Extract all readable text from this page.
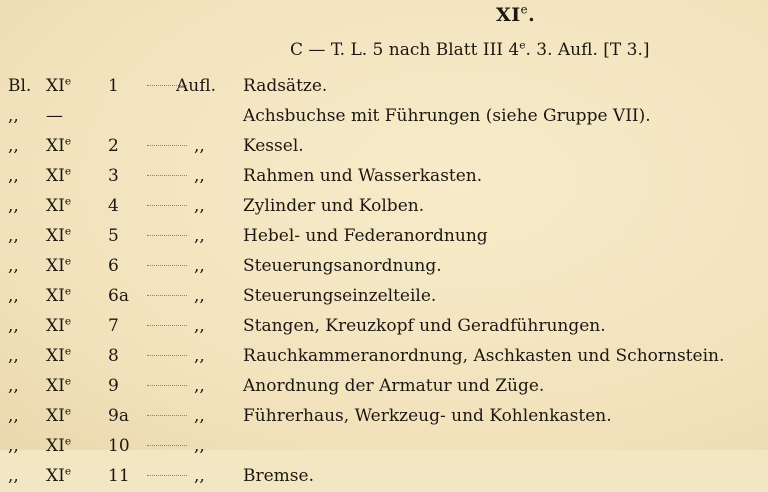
XIe.
C — T. L. 5 nach Blatt III 4e. 3. Aufl. [T 3.]
Bl. XIe 1	Aufl. Radsätze.
,, —	Achsbuchse mit Führungen (siehe Gruppe VII).
,, XIe 2	,, Kessel.
,, XIe 3	,, Rahmen und Wasserkasten.
,, XIe 4	,, Zylinder und Kolben.
,, XIe 5	,, Hebel- und Federanordnung
,, XIe 6	,, Steuerungsanordnung.
,, XIe 6a	,, Steuerungseinzelteile.
,, XIe 7	,, Stangen, Kreuzkopf und Geradführungen.
,, XIe 8	,, Rauchkammeranordnung, Aschkasten und Schornstein.
,, XIe 9	,, Anordnung der Armatur und Züge.
,, XIe 9a	,, Führerhaus, Werkzeug- und Kohlenkasten.
,, XIe 10	,,
,, XIe 11	,, Bremse.
